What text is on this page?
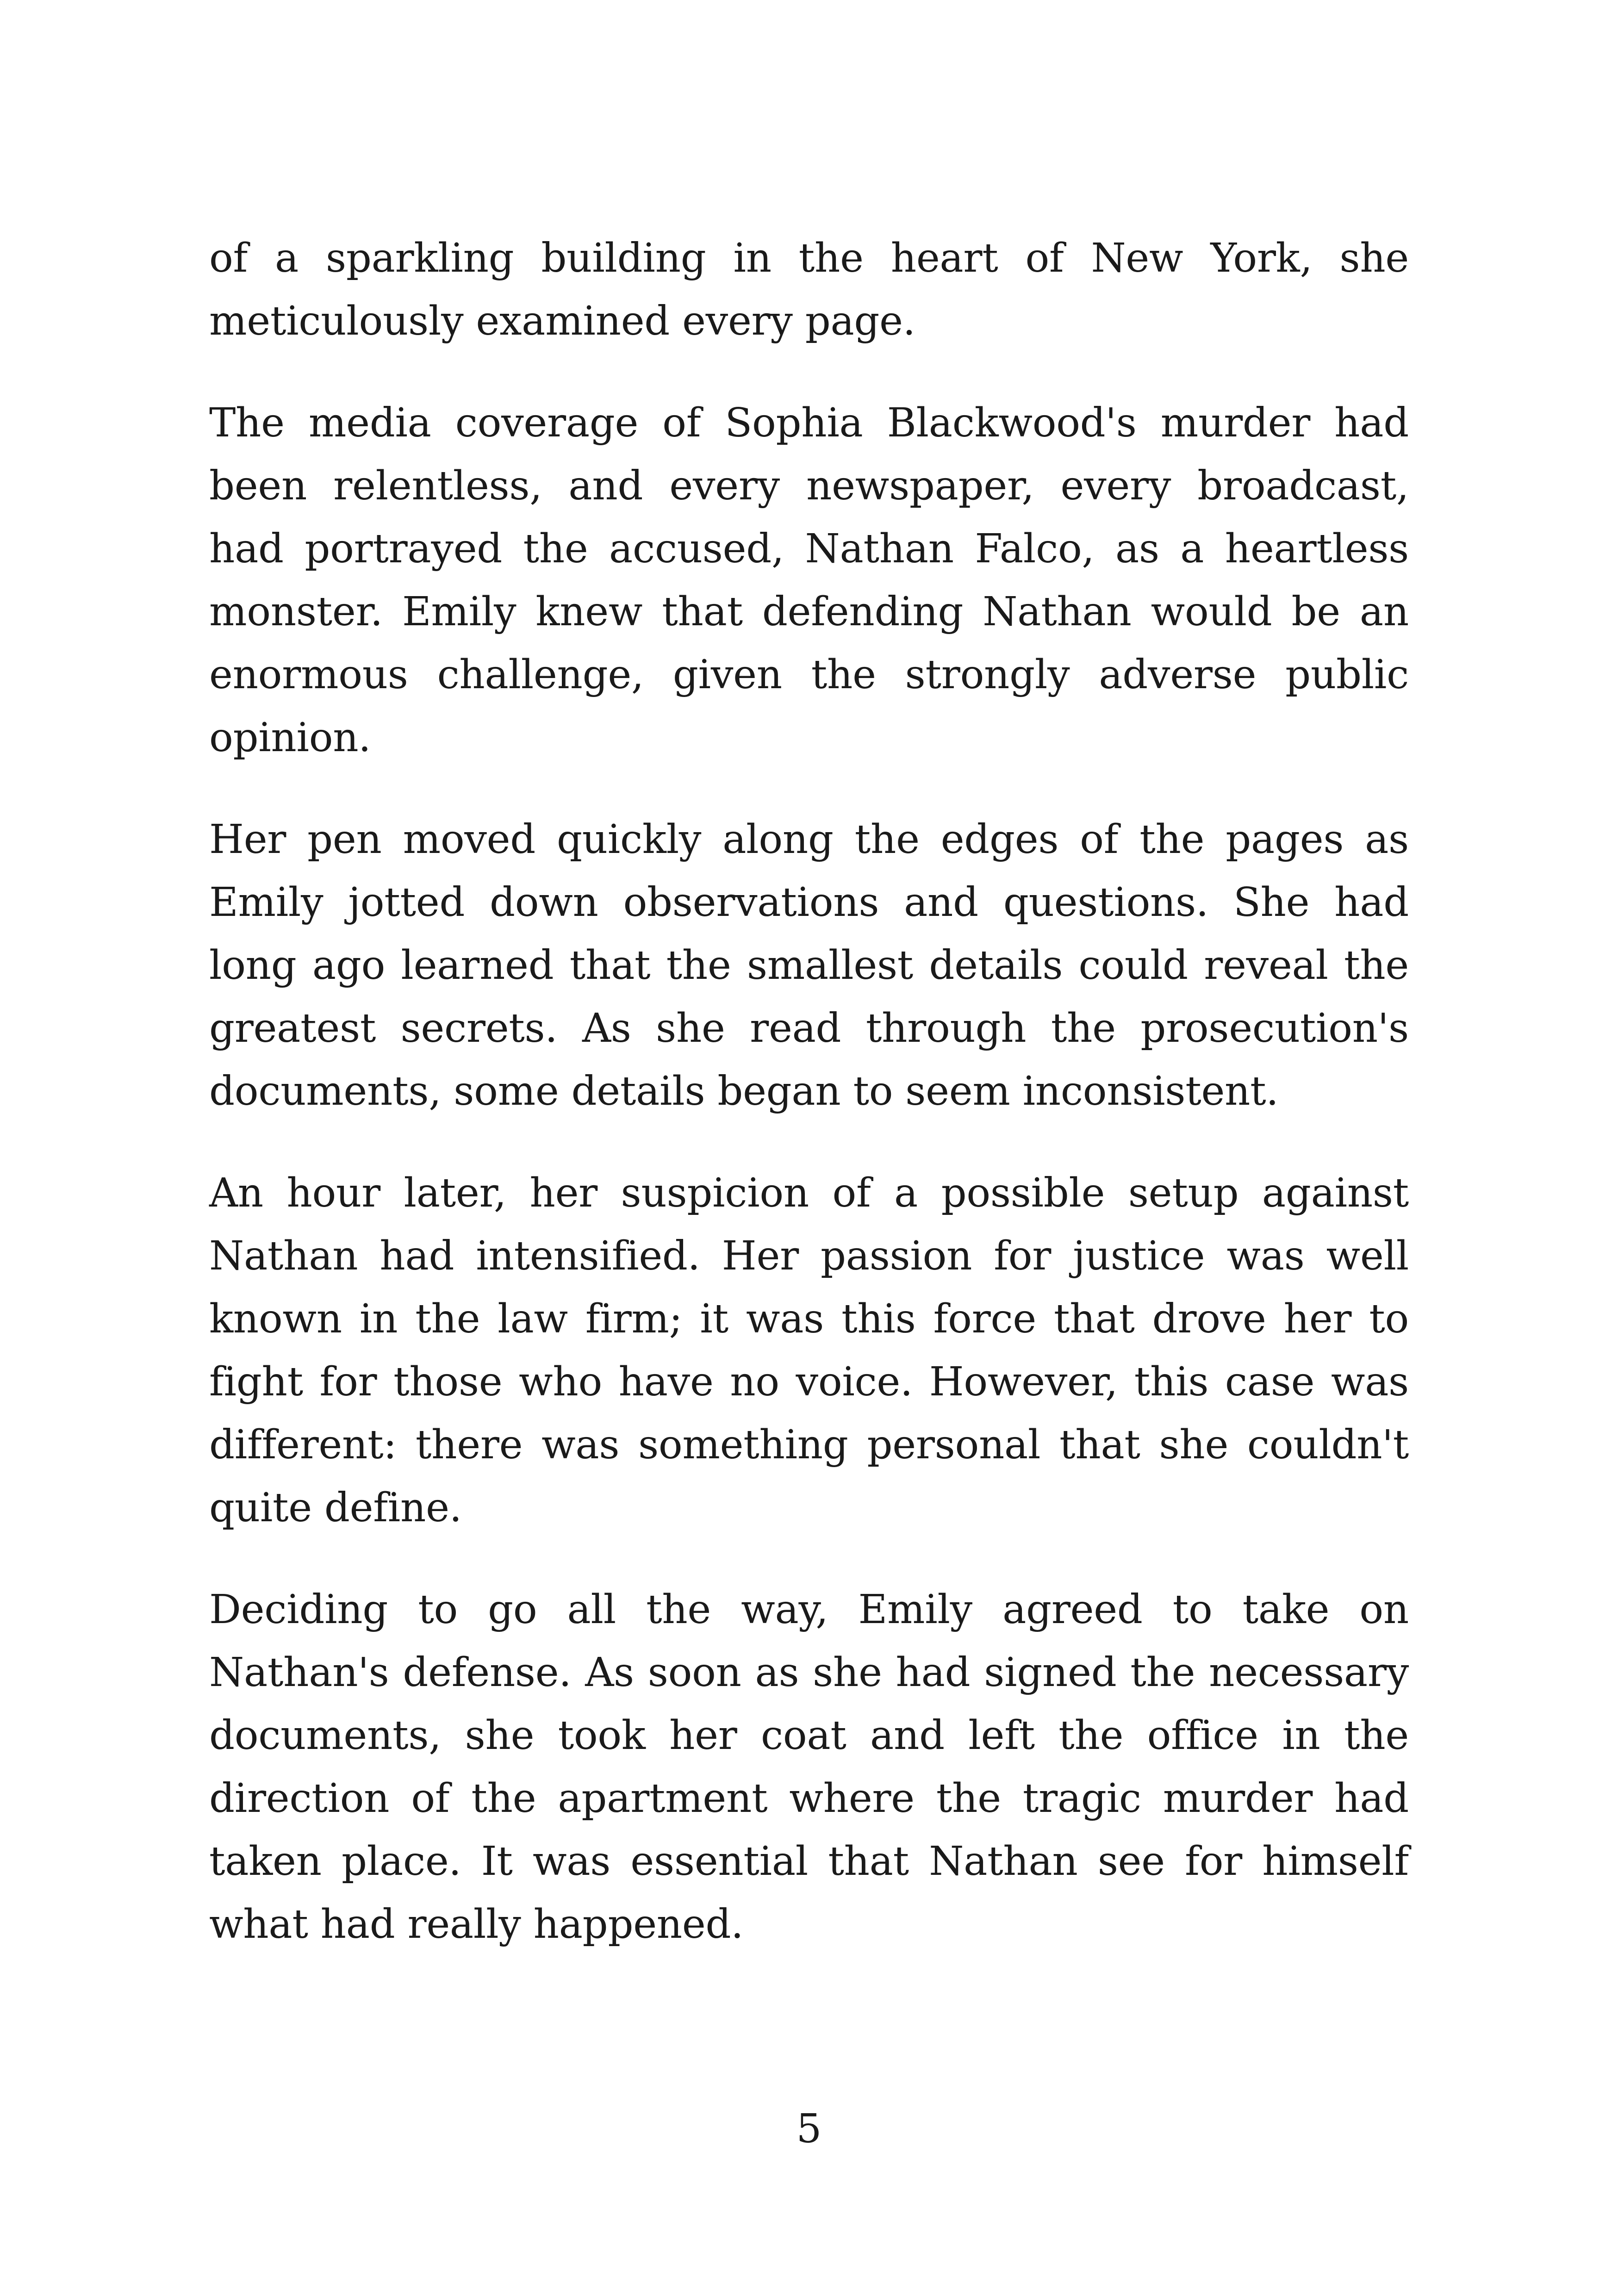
of a sparkling building in the heart of New York, she meticulously examined every page.

The media coverage of Sophia Blackwood's murder had been relentless, and every newspaper, every broadcast, had portrayed the accused, Nathan Falco, as a heartless monster. Emily knew that defending Nathan would be an enormous challenge, given the strongly adverse public opinion.

Her pen moved quickly along the edges of the pages as Emily jotted down observations and questions. She had long ago learned that the smallest details could reveal the greatest secrets. As she read through the prosecution's documents, some details began to seem inconsistent.

An hour later, her suspicion of a possible setup against Nathan had intensified. Her passion for justice was well known in the law firm; it was this force that drove her to fight for those who have no voice. However, this case was different: there was something personal that she couldn't quite define.

Deciding to go all the way, Emily agreed to take on Nathan's defense. As soon as she had signed the necessary documents, she took her coat and left the office in the direction of the apartment where the tragic murder had taken place. It was essential that Nathan see for himself what had really happened.

5
